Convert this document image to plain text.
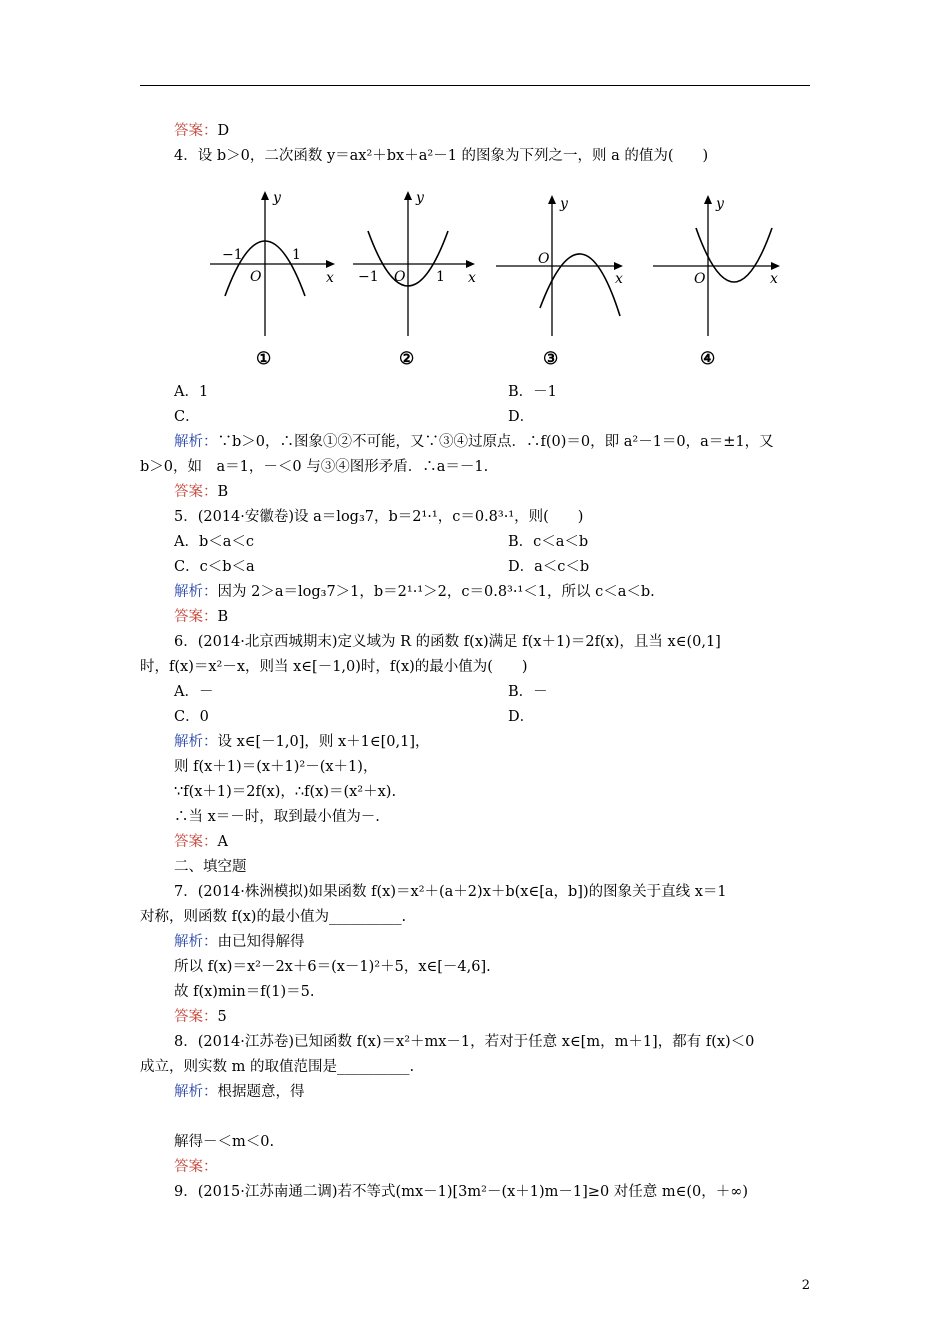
答案：D
4．设 b＞0，二次函数 y＝ax²＋bx＋a²－1 的图象为下列之一，则 a 的值为(　　)
y
x
O
−1	1
①
y
x
O
−1	1
②
y
x
O
③
y
x
O
④
A．1	B．－1
C．	D．
解析：∵b＞0，∴图象①②不可能，又∵③④过原点．∴f(0)＝0，即 a²－1＝0，a＝±1，又
b＞0，如　a＝1，－＜0 与③④图形矛盾．∴a＝－1.
答案：B
5．(2014·安徽卷)设 a＝log₃7，b＝2¹·¹，c＝0.8³·¹，则(　　)
A．b＜a＜c	B．c＜a＜b
C．c＜b＜a	D．a＜c＜b
解析：因为 2＞a＝log₃7＞1，b＝2¹·¹＞2，c＝0.8³·¹＜1，所以 c＜a＜b.
答案：B
6．(2014·北京西城期末)定义域为 R 的函数 f(x)满足 f(x＋1)＝2f(x)，且当 x∈(0,1]
时，f(x)＝x²－x，则当 x∈[－1,0)时，f(x)的最小值为(　　)
A．－	B．－
C．0	D．
解析：设 x∈[－1,0]，则 x＋1∈[0,1]，
则 f(x＋1)＝(x＋1)²－(x＋1)，
∵f(x＋1)＝2f(x)，∴f(x)＝(x²＋x).
∴当 x＝－时，取到最小值为－.
答案：A
二、填空题
7．(2014·株洲模拟)如果函数 f(x)＝x²＋(a＋2)x＋b(x∈[a，b])的图象关于直线 x＝1
对称，则函数 f(x)的最小值为__________.
解析：由已知得解得
所以 f(x)＝x²－2x＋6＝(x－1)²＋5，x∈[－4,6].
故 f(x)min＝f(1)＝5.
答案：5
8．(2014·江苏卷)已知函数 f(x)＝x²＋mx－1，若对于任意 x∈[m，m＋1]，都有 f(x)＜0
成立，则实数 m 的取值范围是__________.
解析：根据题意，得
解得－＜m＜0.
答案：
9．(2015·江苏南通二调)若不等式(mx－1)[3m²－(x＋1)m－1]≥0 对任意 m∈(0，＋∞)
2
